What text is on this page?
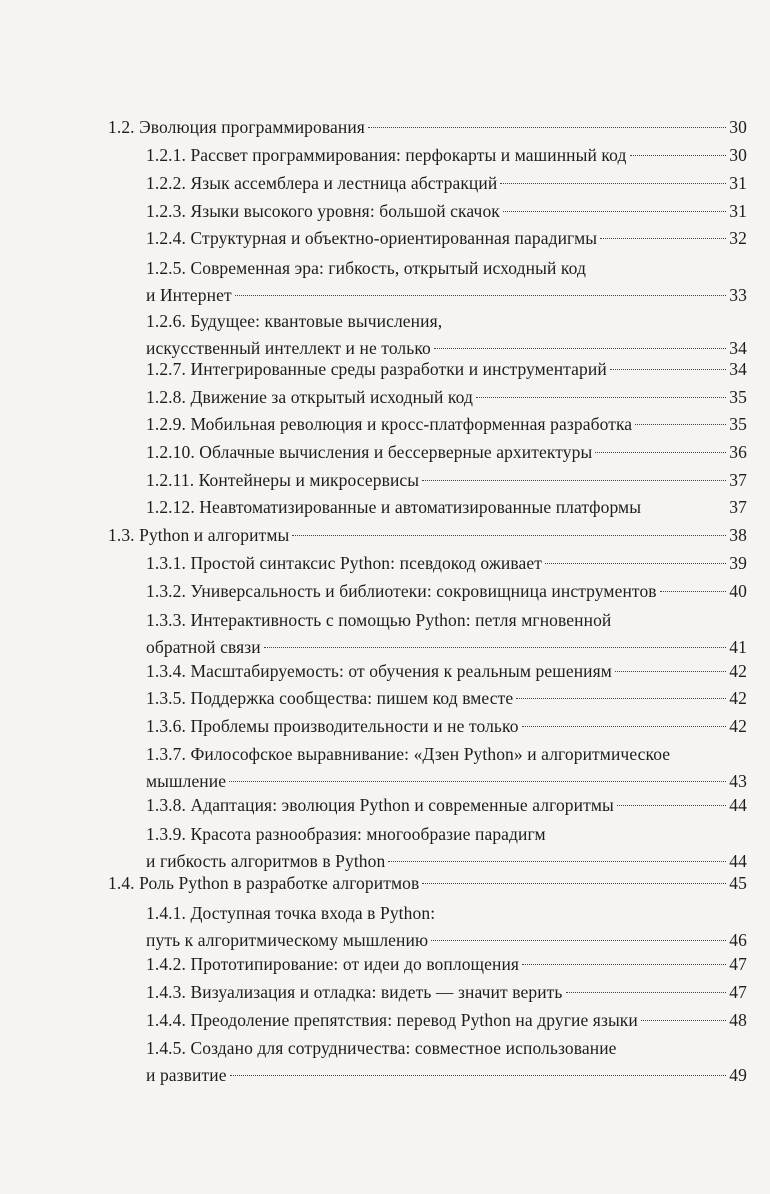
1.2. Эволюция программирования	30
1.2.1. Рассвет программирования: перфокарты и машинный код	30
1.2.2. Язык ассемблера и лестница абстракций	31
1.2.3. Языки высокого уровня: большой скачок	31
1.2.4. Структурная и объектно-ориентированная парадигмы	32
1.2.5. Современная эра: гибкость, открытый исходный код
и Интернет	33
1.2.6. Будущее: квантовые вычисления,
искусственный интеллект и не только	34
1.2.7. Интегрированные среды разработки и инструментарий	34
1.2.8. Движение за открытый исходный код	35
1.2.9. Мобильная революция и кросс-платформенная разработка	35
1.2.10. Облачные вычисления и бессерверные архитектуры	36
1.2.11. Контейнеры и микросервисы	37
1.2.12. Неавтоматизированные и автоматизированные платформы	37
1.3. Python и алгоритмы	38
1.3.1. Простой синтаксис Python: псевдокод оживает	39
1.3.2. Универсальность и библиотеки: сокровищница инструментов	40
1.3.3. Интерактивность с помощью Python: петля мгновенной
обратной связи	41
1.3.4. Масштабируемость: от обучения к реальным решениям	42
1.3.5. Поддержка сообщества: пишем код вместе	42
1.3.6. Проблемы производительности и не только	42
1.3.7. Философское выравнивание: «Дзен Python» и алгоритмическое
мышление	43
1.3.8. Адаптация: эволюция Python и современные алгоритмы	44
1.3.9. Красота разнообразия: многообразие парадигм
и гибкость алгоритмов в Python	44
1.4. Роль Python в разработке алгоритмов	45
1.4.1. Доступная точка входа в Python:
путь к алгоритмическому мышлению	46
1.4.2. Прототипирование: от идеи до воплощения	47
1.4.3. Визуализация и отладка: видеть — значит верить	47
1.4.4. Преодоление препятствия: перевод Python на другие языки	48
1.4.5. Создано для сотрудничества: совместное использование
и развитие	49
